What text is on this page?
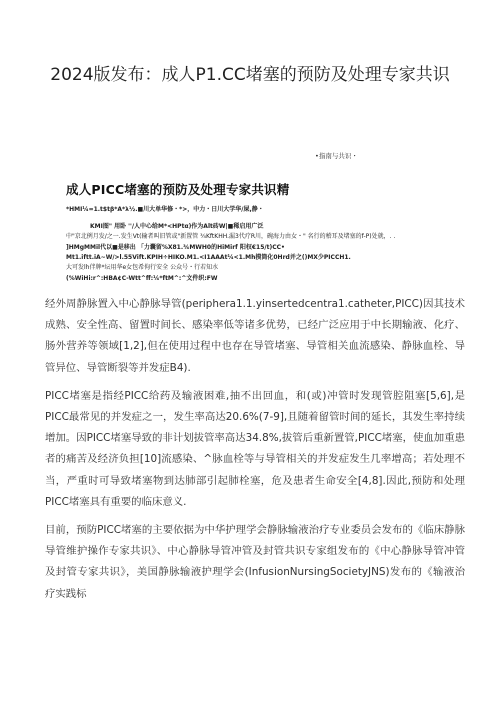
2024版发布：成人P1.CC堵塞的预防及处理专家共识
•指南与共识・
成人PICC堵塞的预防及处理专家共识精
*HMI¼=1.t$tβ*A*λ½.■川大单华修・*>，中力・日川大学华/屎,静・
KMI图" 用卧 ''/人中心给M*<HPtα)作为Alt砖W|■稀启用广泛
中"京北例月发/之一.发生Vt(输者叫旧管或"新置管 ¾KftKHH.漏3代疗R川，碗海力由女・" 名行的稽耳及堵塞的f-P)处就，. .
]HMgMMil代以■是移出 「力囊留%X81.¾MWH0的HiMirf 阳权€15/t)CC•
Mt1.iftt.iA~W/>l.55Vift.KPIH÷HIKO.M1.<I1AAAt¼<1.Mh摸筒化0Hrd并之()MX少PICCH1.
大可发lh伴牌*坛用华e女包希佝行安全 公众号・行若知水
(%WiHi:r^:HBA¢C-Wtt^ff:¼*ftM^:^文件织:FW

经外周静脉置入中心静脉导管(periphera1.1.yinsertedcentra1.catheter,PICC)因其技术成熟、安全性高、留置时间长、感染率低等诸多优势，已经广泛应用于中长期输液、化疗、肠外营养等领域[1,2],但在使用过程中也存在导管堵塞、导管相关血流感染、静脉血栓、导管异位、导管断裂等并发症B4).

PICC堵塞是指经PICC给药及输液困难,抽不出回血，和(或)冲管时发现管腔阻塞[5,6],是PICC最常见的并发症之一，发生率高达20.6%(7-9],且随着留管时间的延长，其发生率持续增加。因PICC堵塞导致的非计划拔管率高达34.8%,拔管后重新置管,PICC堵塞，使血加重患者的痛苦及经济负担[10]流感染、^脉血栓等与导管相关的并发症发生几率增高；若处理不当，严重时可导致堵塞物到达肺部引起肺栓塞，危及患者生命安全[4,8].因此,预防和处理PICC堵塞具有重要的临床意义.

目前，预防PICC堵塞的主要依据为中华护理学会静脉输液治疗专业委员会发布的《临床静脉导管维护操作专家共识》、中心静脉导管冲管及封管共识专家组发布的《中心静脉导管冲管及封管专家共识》，美国静脉输液护理学会(InfusionNursingSocietyJNS)发布的《输液治疗实践标
